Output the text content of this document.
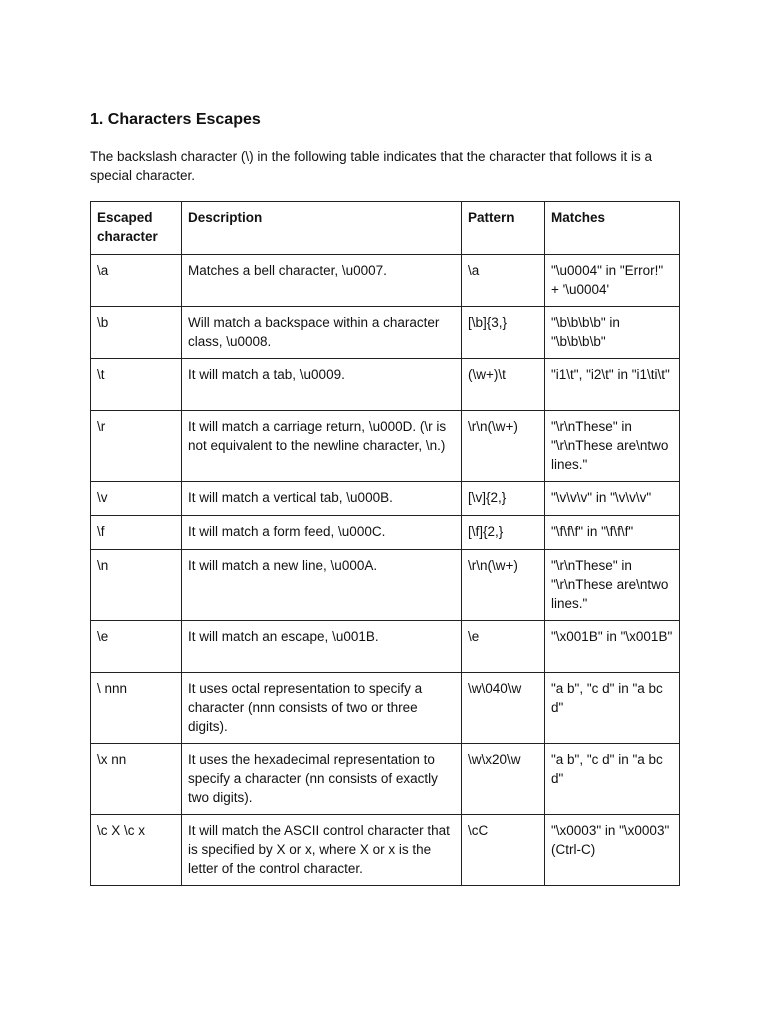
1. Characters Escapes
The backslash character (\) in the following table indicates that the character that follows it is a special character.
Escaped character	Description	Pattern	Matches
\a	Matches a bell character, \u0007.	\a	"\u0004" in "Error!" + '\u0004'
\b	Will match a backspace within a character class, \u0008.	[\b]{3,}	"\b\b\b\b" in "\b\b\b\b"
\t	It will match a tab, \u0009.	(\w+)\t	"i1\t", "i2\t" in "i1\ti\t"
\r	It will match a carriage return, \u000D. (\r is not equivalent to the newline character, \n.)	\r\n(\w+)	"\r\nThese" in "\r\nThese are\ntwo lines."
\v	It will match a vertical tab, \u000B.	[\v]{2,}	"\v\v\v" in "\v\v\v"
\f	It will match a form feed, \u000C.	[\f]{2,}	"\f\f\f" in "\f\f\f"
\n	It will match a new line, \u000A.	\r\n(\w+)	"\r\nThese" in "\r\nThese are\ntwo lines."
\e	It will match an escape, \u001B.	\e	"\x001B" in "\x001B"
\ nnn	It uses octal representation to specify a character (nnn consists of two or three digits).	\w\040\w	"a b", "c d" in "a bc d"
\x nn	It uses the hexadecimal representation to specify a character (nn consists of exactly two digits).	\w\x20\w	"a b", "c d" in "a bc d"
\c X \c x	It will match the ASCII control character that is specified by X or x, where X or x is the letter of the control character.	\cC	"\x0003" in "\x0003" (Ctrl-C)
